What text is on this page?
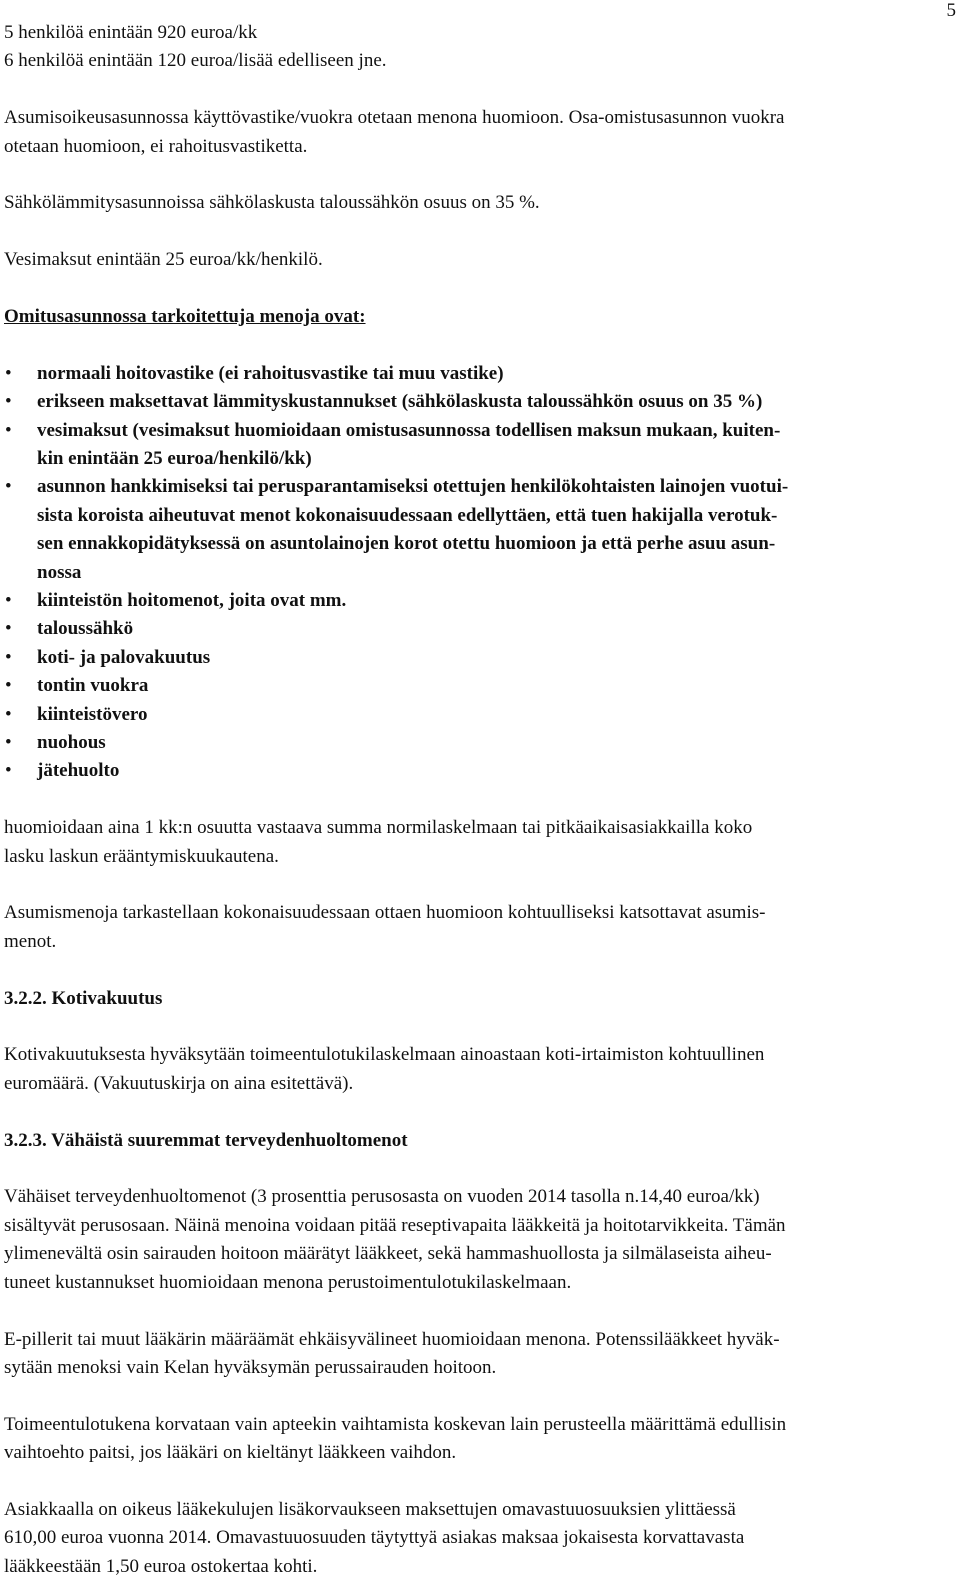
5

5 henkilöä enintään 920 euroa/kk
6 henkilöä enintään 120 euroa/lisää edelliseen jne.

Asumisoikeusasunnossa käyttövastike/vuokra otetaan menona huomioon. Osa-omistusasunnon vuokra
otetaan huomioon, ei rahoitusvastiketta.

Sähkölämmitysasunnoissa sähkölaskusta taloussähkön osuus on 35 %.

Vesimaksut enintään 25 euroa/kk/henkilö.

Omitusasunnossa tarkoitettuja menoja ovat:

• normaali hoitovastike (ei rahoitusvastike tai muu vastike)
• erikseen maksettavat lämmityskustannukset (sähkölaskusta taloussähkön osuus on 35 %)
• vesimaksut (vesimaksut huomioidaan omistusasunnossa todellisen maksun mukaan, kuiten-
kin enintään 25 euroa/henkilö/kk)
• asunnon hankkimiseksi tai perusparantamiseksi otettujen henkilökohtaisten lainojen vuotui-
sista koroista aiheutuvat menot kokonaisuudessaan edellyttäen, että tuen hakijalla verotuk-
sen ennakkopidätyksessä on asuntolainojen korot otettu huomioon ja että perhe asuu asun-
nossa
• kiinteistön hoitomenot, joita ovat mm.
• taloussähkö
• koti- ja palovakuutus
• tontin vuokra
• kiinteistövero
• nuohous
• jätehuolto

huomioidaan aina 1 kk:n osuutta vastaava summa normilaskelmaan tai pitkäaikaisasiakkailla koko
lasku laskun erääntymiskuukautena.

Asumismenoja tarkastellaan kokonaisuudessaan ottaen huomioon kohtuulliseksi katsottavat asumis-
menot.

3.2.2. Kotivakuutus

Kotivakuutuksesta hyväksytään toimeentulotukilaskelmaan ainoastaan koti-irtaimiston kohtuullinen
euromäärä. (Vakuutuskirja on aina esitettävä).

3.2.3. Vähäistä suuremmat terveydenhuoltomenot

Vähäiset terveydenhuoltomenot (3 prosenttia perusosasta on vuoden 2014 tasolla n.14,40 euroa/kk)
sisältyvät perusosaan. Näinä menoina voidaan pitää reseptivapaita lääkkeitä ja hoitotarvikkeita. Tämän
ylimenevältä osin sairauden hoitoon määrätyt lääkkeet, sekä hammashuollosta ja silmälaseista aiheu-
tuneet kustannukset huomioidaan menona perustoimentulotukilaskelmaan.

E-pillerit tai muut lääkärin määräämät ehkäisyvälineet huomioidaan menona. Potenssilääkkeet hyväk-
sytään menoksi vain Kelan hyväksymän perussairauden hoitoon.

Toimeentulotukena korvataan vain apteekin vaihtamista koskevan lain perusteella määrittämä edullisin
vaihtoehto paitsi, jos lääkäri on kieltänyt lääkkeen vaihdon.

Asiakkaalla on oikeus lääkekulujen lisäkorvaukseen maksettujen omavastuuosuuksien ylittäessä
610,00 euroa vuonna 2014. Omavastuuosuuden täytyttyä asiakas maksaa jokaisesta korvattavasta
lääkkeestään 1,50 euroa ostokertaa kohti.
